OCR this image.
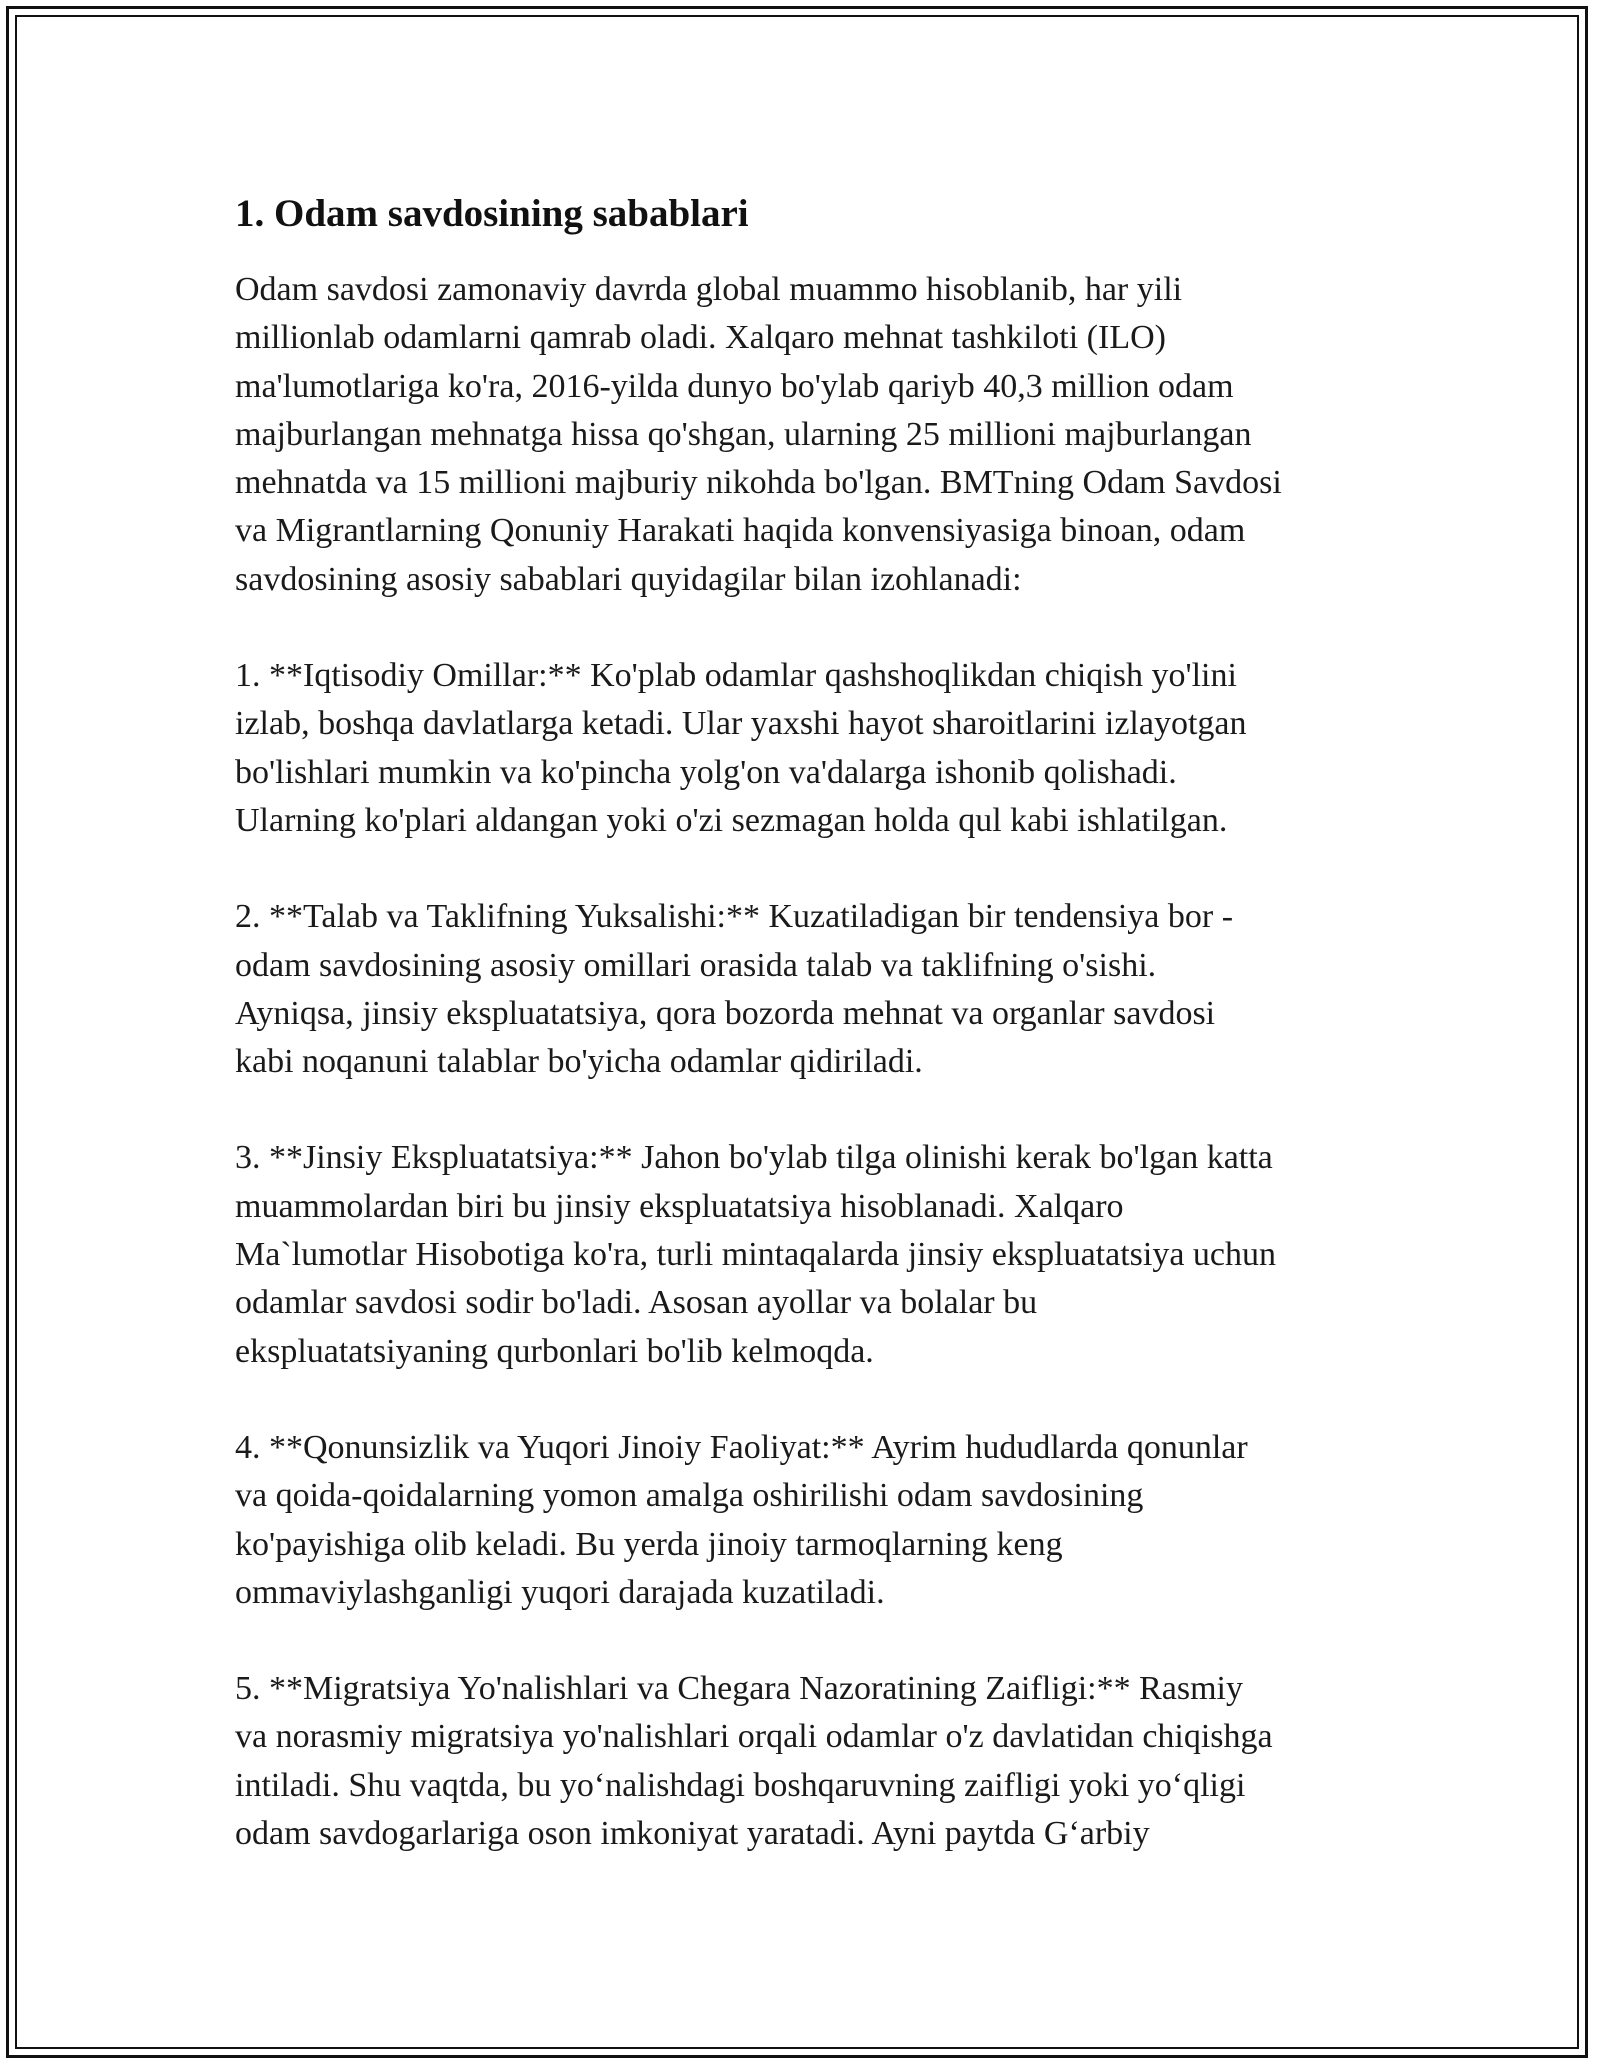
1. Odam savdosining sabablari

Odam savdosi zamonaviy davrda global muammo hisoblanib, har yili
millionlab odamlarni qamrab oladi. Xalqaro mehnat tashkiloti (ILO)
ma'lumotlariga ko'ra, 2016-yilda dunyo bo'ylab qariyb 40,3 million odam
majburlangan mehnatga hissa qo'shgan, ularning 25 millioni majburlangan
mehnatda va 15 millioni majburiy nikohda bo'lgan. BMTning Odam Savdosi
va Migrantlarning Qonuniy Harakati haqida konvensiyasiga binoan, odam
savdosining asosiy sabablari quyidagilar bilan izohlanadi:

1. **Iqtisodiy Omillar:** Ko'plab odamlar qashshoqlikdan chiqish yo'lini
izlab, boshqa davlatlarga ketadi. Ular yaxshi hayot sharoitlarini izlayotgan
bo'lishlari mumkin va ko'pincha yolg'on va'dalarga ishonib qolishadi.
Ularning ko'plari aldangan yoki o'zi sezmagan holda qul kabi ishlatilgan.

2. **Talab va Taklifning Yuksalishi:** Kuzatiladigan bir tendensiya bor -
odam savdosining asosiy omillari orasida talab va taklifning o'sishi.
Ayniqsa, jinsiy ekspluatatsiya, qora bozorda mehnat va organlar savdosi
kabi noqanuni talablar bo'yicha odamlar qidiriladi.

3. **Jinsiy Ekspluatatsiya:** Jahon bo'ylab tilga olinishi kerak bo'lgan katta
muammolardan biri bu jinsiy ekspluatatsiya hisoblanadi. Xalqaro
Ma`lumotlar Hisobotiga ko'ra, turli mintaqalarda jinsiy ekspluatatsiya uchun
odamlar savdosi sodir bo'ladi. Asosan ayollar va bolalar bu
ekspluatatsiyaning qurbonlari bo'lib kelmoqda.

4. **Qonunsizlik va Yuqori Jinoiy Faoliyat:** Ayrim hududlarda qonunlar
va qoida-qoidalarning yomon amalga oshirilishi odam savdosining
ko'payishiga olib keladi. Bu yerda jinoiy tarmoqlarning keng
ommaviylashganligi yuqori darajada kuzatiladi.

5. **Migratsiya Yo'nalishlari va Chegara Nazoratining Zaifligi:** Rasmiy
va norasmiy migratsiya yo'nalishlari orqali odamlar o'z davlatidan chiqishga
intiladi. Shu vaqtda, bu yo‘nalishdagi boshqaruvning zaifligi yoki yo‘qligi
odam savdogarlariga oson imkoniyat yaratadi. Ayni paytda G‘arbiy
